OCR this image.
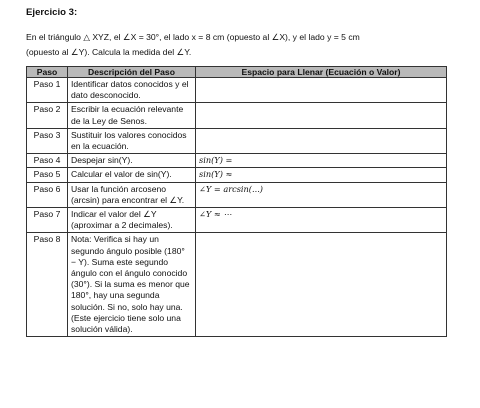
Ejercicio 3:
En el triángulo △ XYZ, el ∠X = 30°, el lado x = 8 cm (opuesto al ∠X), y el lado y = 5 cm
(opuesto al ∠Y). Calcula la medida del ∠Y.
Paso	Descripción del Paso	Espacio para Llenar (Ecuación o Valor)
Paso 1	Identificar datos conocidos y el dato desconocido.	
Paso 2	Escribir la ecuación relevante de la Ley de Senos.	
Paso 3	Sustituir los valores conocidos en la ecuación.	
Paso 4	Despejar sin(Y).	sin(Y) =
Paso 5	Calcular el valor de sin(Y).	sin(Y) ≈
Paso 6	Usar la función arcoseno (arcsin) para encontrar el ∠Y.	∠Y = arcsin(...)
Paso 7	Indicar el valor del ∠Y (aproximar a 2 decimales).	∠Y ≈ ⋯
Paso 8	Nota: Verifica si hay un segundo ángulo posible (180° − Y). Suma este segundo ángulo con el ángulo conocido (30°). Si la suma es menor que 180°, hay una segunda solución. Si no, solo hay una. (Este ejercicio tiene solo una solución válida).	
